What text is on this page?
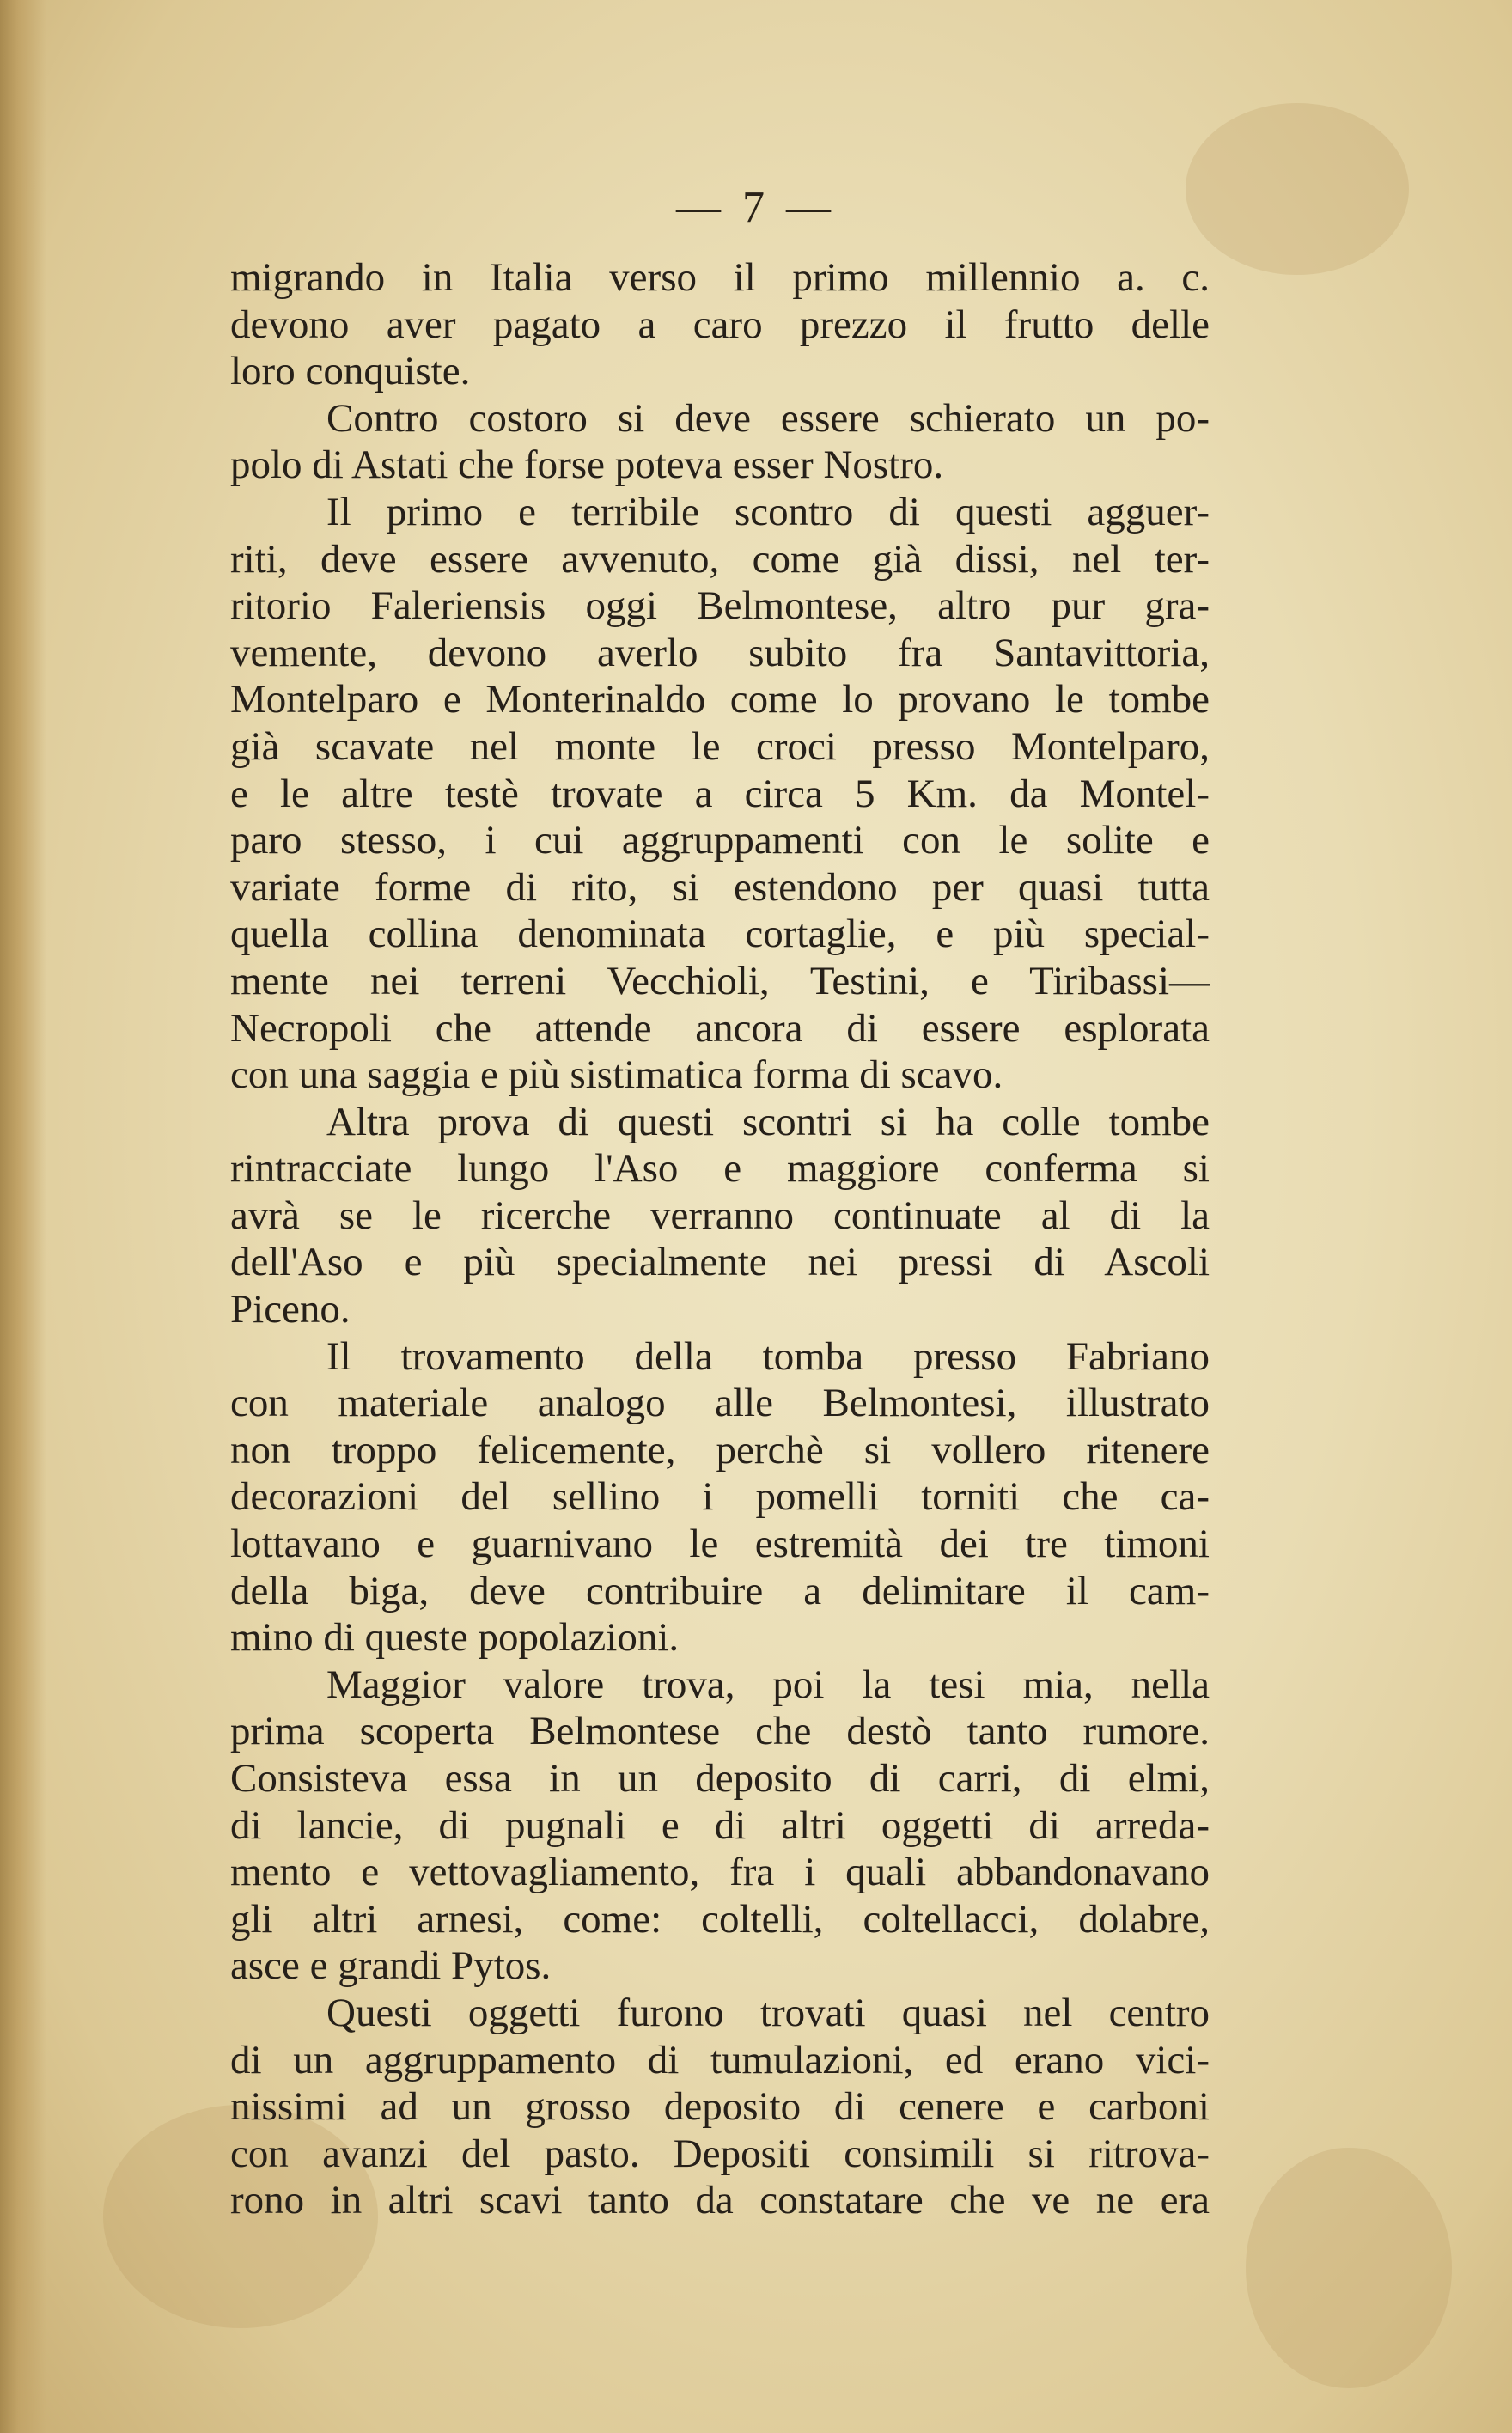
— 7 —
migrando in Italia verso il primo millennio a. c.
devono aver pagato a caro prezzo il frutto delle
loro conquiste.
Contro costoro si deve essere schierato un po-
polo di Astati che forse poteva esser Nostro.
Il primo e terribile scontro di questi agguer-
riti, deve essere avvenuto, come già dissi, nel ter-
ritorio Faleriensis oggi Belmontese, altro pur gra-
vemente, devono averlo subito fra Santavittoria,
Montelparo e Monterinaldo come lo provano le tombe
già scavate nel monte le croci presso Montelparo,
e le altre testè trovate a circa 5 Km. da Montel-
paro stesso, i cui aggruppamenti con le solite e
variate forme di rito, si estendono per quasi tutta
quella collina denominata cortaglie, e più special-
mente nei terreni Vecchioli, Testini, e Tiribassi—
Necropoli che attende ancora di essere esplorata
con una saggia e più sistimatica forma di scavo.
Altra prova di questi scontri si ha colle tombe
rintracciate lungo l'Aso e maggiore conferma si
avrà se le ricerche verranno continuate al di la
dell'Aso e più specialmente nei pressi di Ascoli
Piceno.
Il trovamento della tomba presso Fabriano
con materiale analogo alle Belmontesi, illustrato
non troppo felicemente, perchè si vollero ritenere
decorazioni del sellino i pomelli torniti che ca-
lottavano e guarnivano le estremità dei tre timoni
della biga, deve contribuire a delimitare il cam-
mino di queste popolazioni.
Maggior valore trova, poi la tesi mia, nella
prima scoperta Belmontese che destò tanto rumore.
Consisteva essa in un deposito di carri, di elmi,
di lancie, di pugnali e di altri oggetti di arreda-
mento e vettovagliamento, fra i quali abbandonavano
gli altri arnesi, come: coltelli, coltellacci, dolabre,
asce e grandi Pytos.
Questi oggetti furono trovati quasi nel centro
di un aggruppamento di tumulazioni, ed erano vici-
nissimi ad un grosso deposito di cenere e carboni
con avanzi del pasto. Depositi consimili si ritrova-
rono in altri scavi tanto da constatare che ve ne era
